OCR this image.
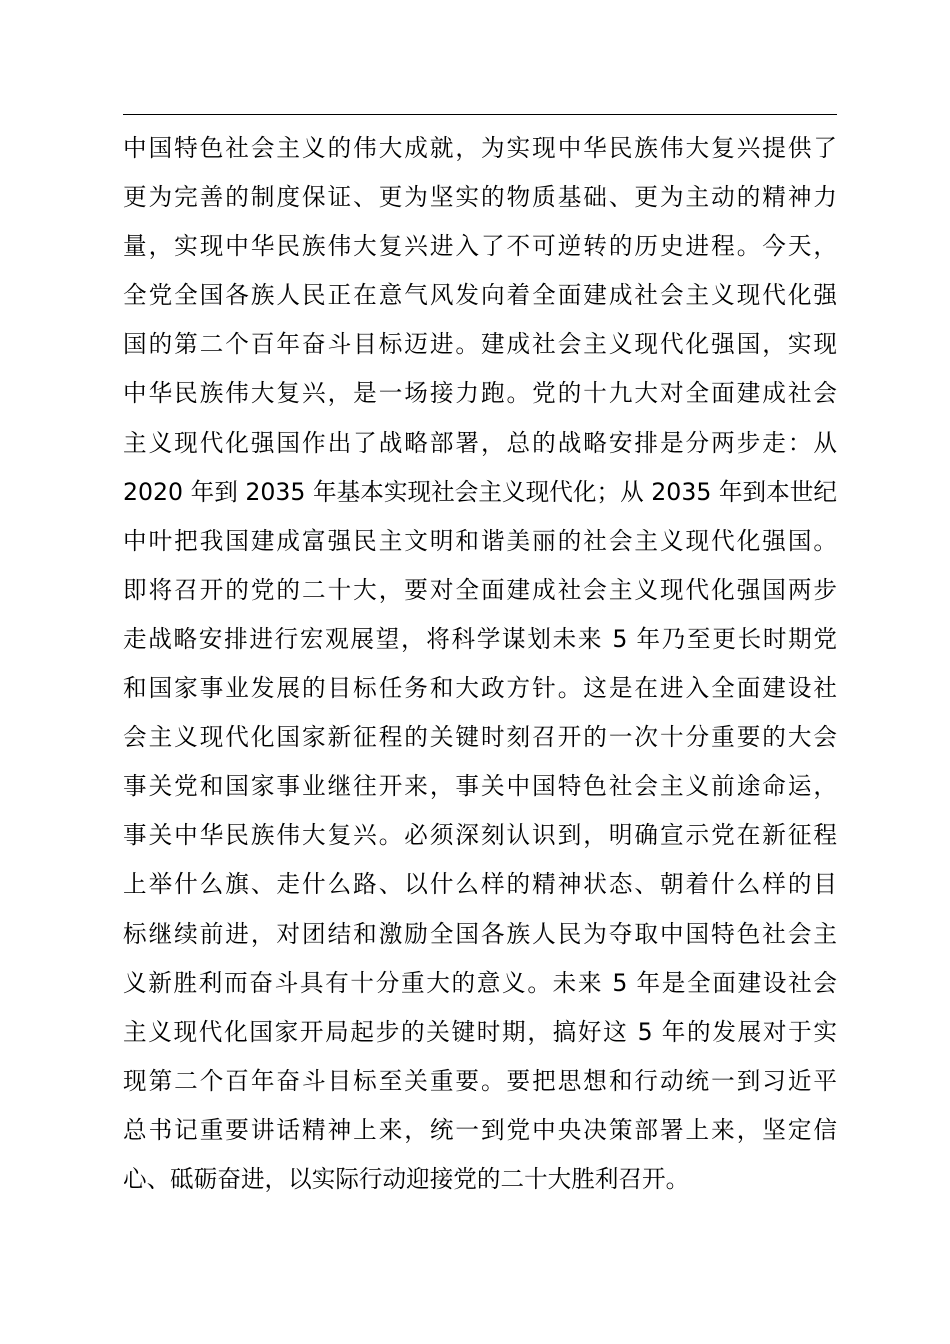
中国特色社会主义的伟大成就，为实现中华民族伟大复兴提供了
更为完善的制度保证、更为坚实的物质基础、更为主动的精神力
量，实现中华民族伟大复兴进入了不可逆转的历史进程。今天，
全党全国各族人民正在意气风发向着全面建成社会主义现代化强
国的第二个百年奋斗目标迈进。建成社会主义现代化强国，实现
中华民族伟大复兴，是一场接力跑。党的十九大对全面建成社会
主义现代化强国作出了战略部署，总的战略安排是分两步走：从
2020 年到 2035 年基本实现社会主义现代化；从 2035 年到本世纪
中叶把我国建成富强民主文明和谐美丽的社会主义现代化强国。
即将召开的党的二十大，要对全面建成社会主义现代化强国两步
走战略安排进行宏观展望，将科学谋划未来 5 年乃至更长时期党
和国家事业发展的目标任务和大政方针。这是在进入全面建设社
会主义现代化国家新征程的关键时刻召开的一次十分重要的大会
事关党和国家事业继往开来，事关中国特色社会主义前途命运，
事关中华民族伟大复兴。必须深刻认识到，明确宣示党在新征程
上举什么旗、走什么路、以什么样的精神状态、朝着什么样的目
标继续前进，对团结和激励全国各族人民为夺取中国特色社会主
义新胜利而奋斗具有十分重大的意义。未来 5 年是全面建设社会
主义现代化国家开局起步的关键时期，搞好这 5 年的发展对于实
现第二个百年奋斗目标至关重要。要把思想和行动统一到习近平
总书记重要讲话精神上来，统一到党中央决策部署上来，坚定信
心、砥砺奋进，以实际行动迎接党的二十大胜利召开。
